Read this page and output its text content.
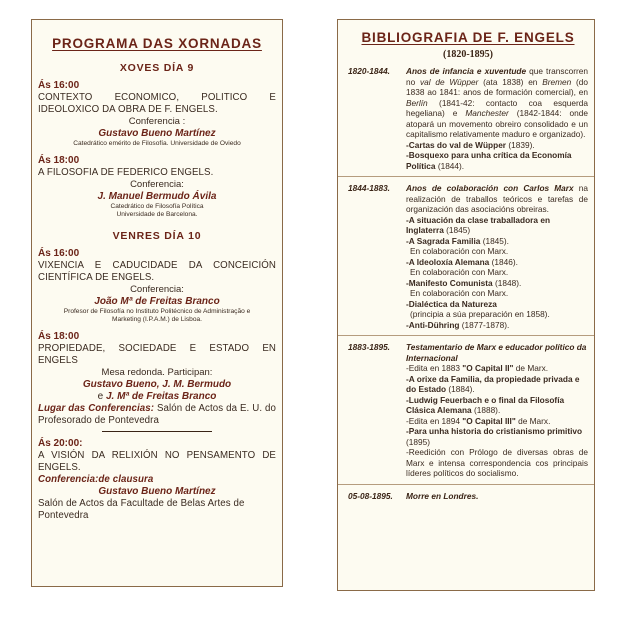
PROGRAMA DAS XORNADAS
XOVES DÍA 9
Ás 16:00
CONTEXTO ECONOMICO, POLITICO E IDEOLOXICO DA OBRA DE F. ENGELS.
Conferencia :
Gustavo Bueno Martínez
Catedrático emérito de Filosofía. Universidade de Oviedo
Ás 18:00
A FILOSOFIA DE FEDERICO ENGELS.
Conferencia:
J. Manuel Bermudo Ávila
Catedrático de Filosofía Política
Universidade de Barcelona.
VENRES DÍA 10
Ás 16:00
VIXENCIA E CADUCIDADE DA CONCEICIÓN CIENTÍFICA DE ENGELS.
Conferencia:
João Mª de Freitas Branco
Profesor de Filosofía no Instituto Politécnico de Administração e
Marketing (I.P.A.M.) de Lisboa.
Ás 18:00
PROPIEDADE, SOCIEDADE E ESTADO EN ENGELS
Mesa redonda. Participan:
Gustavo Bueno, J. M. Bermudo
e J. Mª de Freitas Branco
Lugar das Conferencias: Salón de Actos da E. U. do Profesorado de Pontevedra
Ás 20:00:
A VISIÓN DA RELIXIÓN NO PENSAMENTO DE ENGELS.
Conferencia:de clausura
Gustavo Bueno Martínez
Salón de Actos da Facultade de Belas Artes de Pontevedra
BIBLIOGRAFIA DE F. ENGELS
(1820-1895)
1820-1844.	Anos de infancia e xuventude que transcorren no val de Wüpper (ata 1838) en Bremen (do 1838 ao 1841: anos de formación comercial), en Berlín (1841-42: contacto coa esquerda hegeliana) e Manchester (1842-1844: onde atopará un movemento obreiro consolidado e un capitalismo relativamente maduro e organizado).
-Cartas do val de Wüpper (1839).
-Bosquexo para unha crítica da Economía Política (1844).
1844-1883.	Anos de colaboración con Carlos Marx na realización de traballos teóricos e tarefas de organización das asociacións obreiras.
-A situación da clase traballadora en Inglaterra (1845)
-A Sagrada Familia (1845).
En colaboración con Marx.
-A Ideoloxía Alemana (1846).
En colaboración con Marx.
-Manifesto Comunista (1848).
En colaboración con Marx.
-Dialéctica da Natureza
(principia a súa preparación en 1858).
-Anti-Dühring (1877-1878).
1883-1895.	Testamentario de Marx e educador político da Internacional
-Edita en 1883 "O Capital II" de Marx.
-A orixe da Familia, da propiedade privada e do Estado (1884).
-Ludwig Feuerbach e o final da Filosofía Clásica Alemana (1888).
-Edita en 1894 "O Capital III" de Marx.
-Para unha historia do cristianismo primitivo (1895)
-Reedición con Prólogo de diversas obras de Marx e intensa correspondencia cos principais líderes políticos do socialismo.
05-08-1895.	Morre en Londres.
